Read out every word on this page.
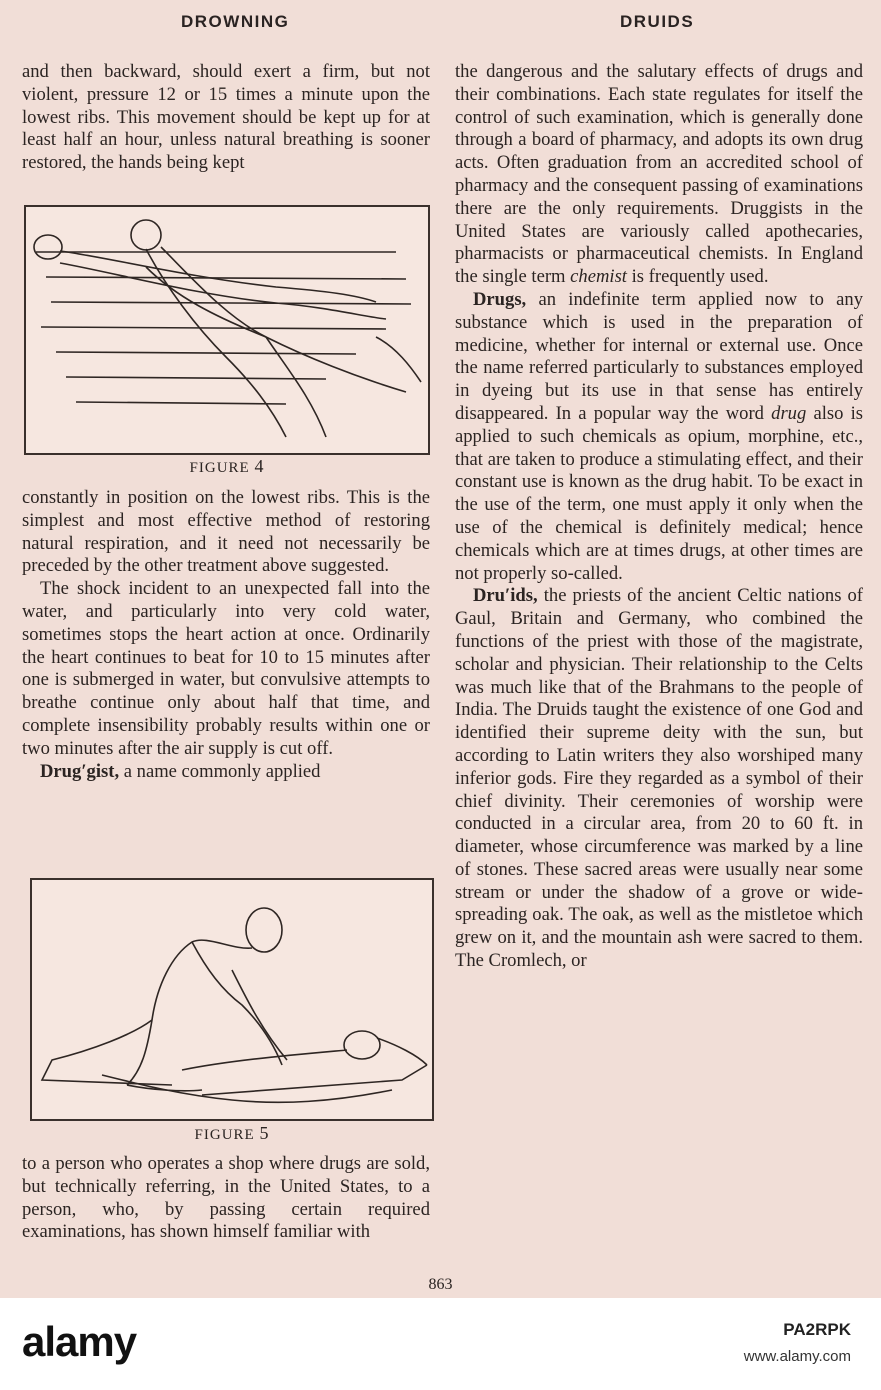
DROWNING	DRUIDS

and then backward, should exert a firm, but not violent, pressure 12 or 15 times a minute upon the lowest ribs. This movement should be kept up for at least half an hour, unless natural breathing is sooner restored, the hands being kept

FIGURE 4

constantly in position on the lowest ribs. This is the simplest and most effective method of restoring natural respiration, and it need not necessarily be preceded by the other treatment above suggested.

The shock incident to an unexpected fall into the water, and particularly into very cold water, sometimes stops the heart action at once. Ordinarily the heart continues to beat for 10 to 15 minutes after one is submerged in water, but convulsive attempts to breathe continue only about half that time, and complete insensibility probably results within one or two minutes after the air supply is cut off.

Drug′gist, a name commonly applied

FIGURE 5

to a person who operates a shop where drugs are sold, but technically referring, in the United States, to a person, who, by passing certain required examinations, has shown himself familiar with

the dangerous and the salutary effects of drugs and their combinations. Each state regulates for itself the control of such examination, which is generally done through a board of pharmacy, and adopts its own drug acts. Often graduation from an accredited school of pharmacy and the consequent passing of examinations there are the only requirements. Druggists in the United States are variously called apothecaries, pharmacists or pharmaceutical chemists. In England the single term chemist is frequently used.

Drugs, an indefinite term applied now to any substance which is used in the preparation of medicine, whether for internal or external use. Once the name referred particularly to substances employed in dyeing but its use in that sense has entirely disappeared. In a popular way the word drug also is applied to such chemicals as opium, morphine, etc., that are taken to produce a stimulating effect, and their constant use is known as the drug habit. To be exact in the use of the term, one must apply it only when the use of the chemical is definitely medical; hence chemicals which are at times drugs, at other times are not properly so-called.

Dru′ids, the priests of the ancient Celtic nations of Gaul, Britain and Germany, who combined the functions of the priest with those of the magistrate, scholar and physician. Their relationship to the Celts was much like that of the Brahmans to the people of India. The Druids taught the existence of one God and identified their supreme deity with the sun, but according to Latin writers they also worshiped many inferior gods. Fire they regarded as a symbol of their chief divinity. Their ceremonies of worship were conducted in a circular area, from 20 to 60 ft. in diameter, whose circumference was marked by a line of stones. These sacred areas were usually near some stream or under the shadow of a grove or wide-spreading oak. The oak, as well as the mistletoe which grew on it, and the mountain ash were sacred to them. The Cromlech, or

863
alamy	PA2RPK
www.alamy.com
